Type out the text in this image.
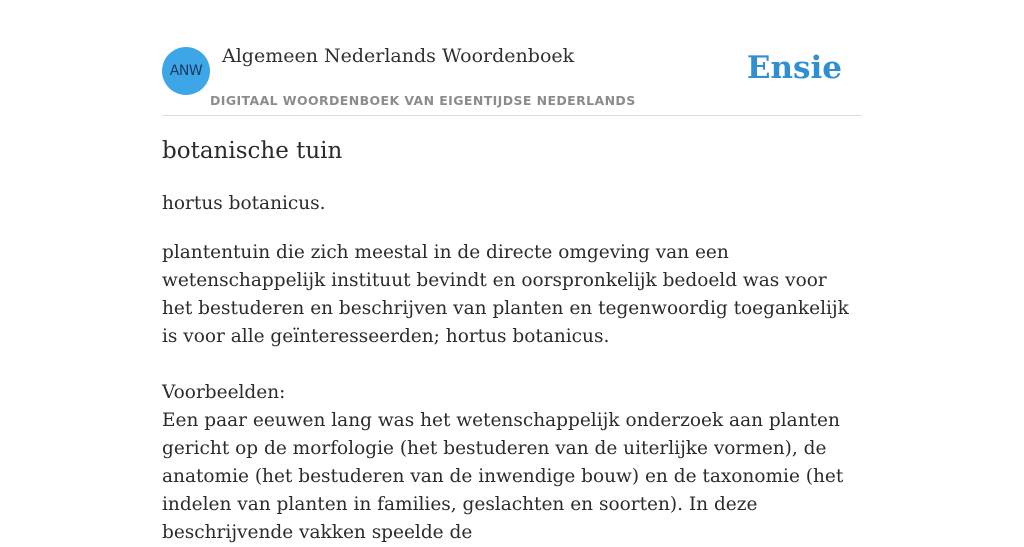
ANW
Algemeen Nederlands Woordenboek
DIGITAAL WOORDENBOEK VAN EIGENTIJDSE NEDERLANDS
Ensie
botanische tuin

hortus botanicus.

plantentuin die zich meestal in de directe omgeving van een wetenschappelijk instituut bevindt en oorspronkelijk bedoeld was voor het bestuderen en beschrijven van planten en tegenwoordig toegankelijk is voor alle geïnteresseerden; hortus botanicus.

Voorbeelden:

Een paar eeuwen lang was het wetenschappelijk onderzoek aan planten gericht op de morfologie (het bestuderen van de uiterlijke vormen), de anatomie (het bestuderen van de inwendige bouw) en de taxonomie (het indelen van planten in families, geslachten en soorten). In deze beschrijvende vakken speelde de
